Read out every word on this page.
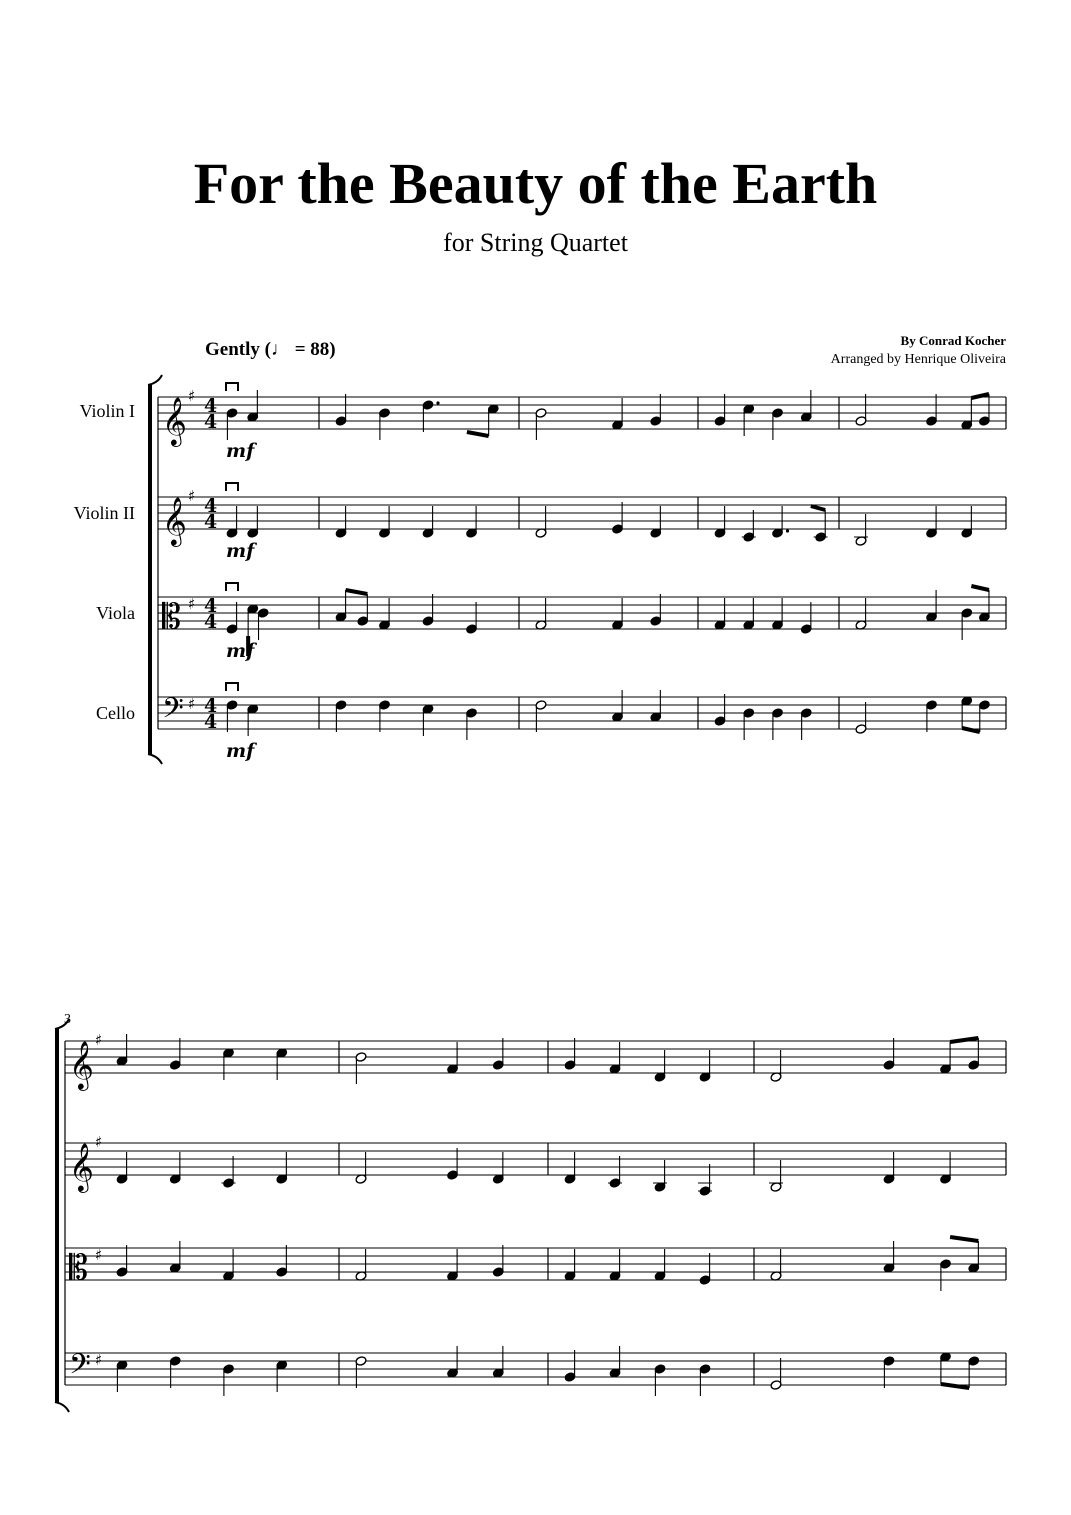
For the Beauty of the Earth
for String Quartet
Gently (♩ = 88)	By Conrad Kocher
Arranged by Henrique Oliveira
Violin I
Violin II
Viola
Cello
3
𝄞 ♯ 4
4
mf
𝄞 ♯ 4
4
mf
𝄡 ♯ 4
4
mf
𝄢 ♯ 4
4
mf
𝄞 ♯
𝄞 ♯
𝄡 ♯
𝄢 ♯
